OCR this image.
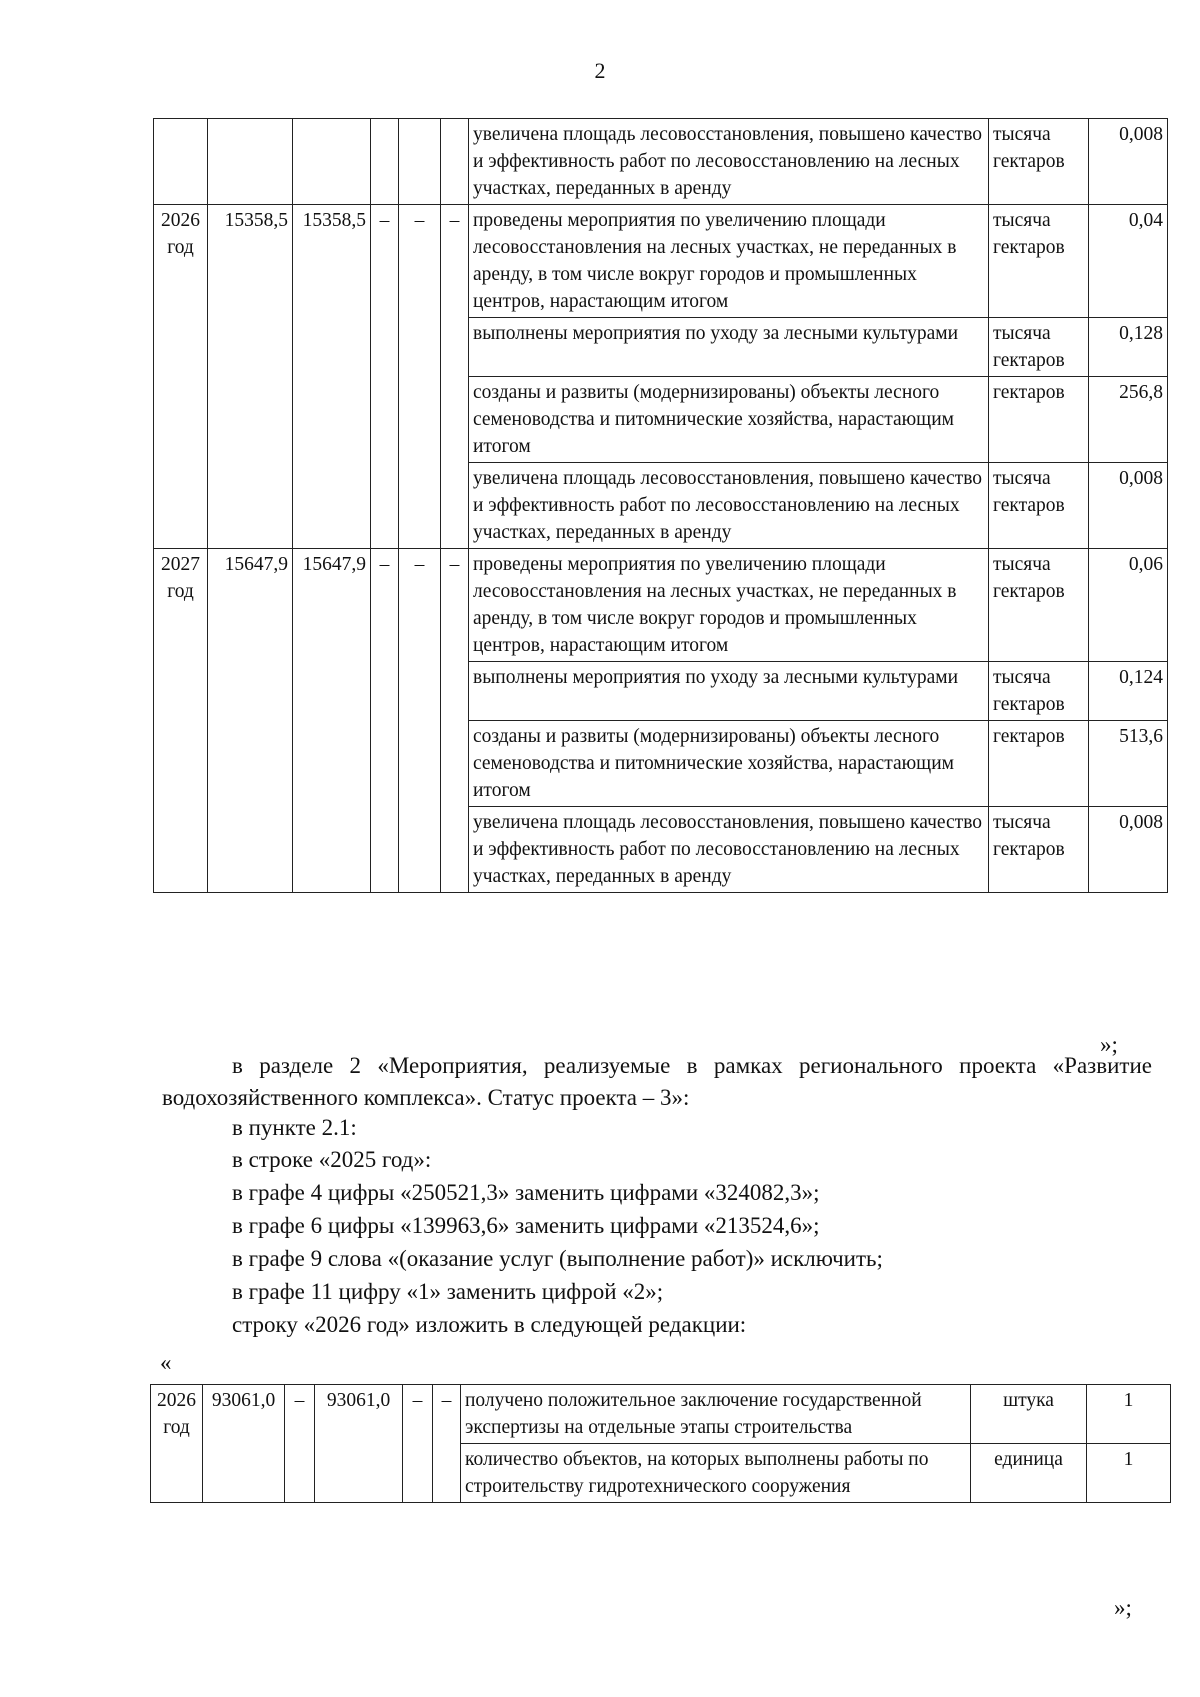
2
						увеличена площадь лесовосстановления, повышено качество и эффективность работ по лесовосстановлению на лесных участках, переданных в аренду	тысяча гектаров	0,008
2026 год	15358,5	15358,5	–	–	–	проведены мероприятия по увеличению площади лесовосстановления на лесных участках, не переданных в аренду, в том числе вокруг городов и промышленных центров, нарастающим итогом	тысяча гектаров	0,04
						выполнены мероприятия по уходу за лесными культурами	тысяча гектаров	0,128
						созданы и развиты (модернизированы) объекты лесного семеноводства и питомнические хозяйства, нарастающим итогом	гектаров	256,8
						увеличена площадь лесовосстановления, повышено качество и эффективность работ по лесовосстановлению на лесных участках, переданных в аренду	тысяча гектаров	0,008
2027 год	15647,9	15647,9	–	–	–	проведены мероприятия по увеличению площади лесовосстановления на лесных участках, не переданных в аренду, в том числе вокруг городов и промышленных центров, нарастающим итогом	тысяча гектаров	0,06
						выполнены мероприятия по уходу за лесными культурами	тысяча гектаров	0,124
						созданы и развиты (модернизированы) объекты лесного семеноводства и питомнические хозяйства, нарастающим итогом	гектаров	513,6
						увеличена площадь лесовосстановления, повышено качество и эффективность работ по лесовосстановлению на лесных участках, переданных в аренду	тысяча гектаров	0,008
»;
в разделе 2 «Мероприятия, реализуемые в рамках регионального проекта «Развитие водохозяйственного комплекса». Статус проекта – 3»:
в пункте 2.1:
в строке «2025 год»:
в графе 4 цифры «250521,3» заменить цифрами «324082,3»;
в графе 6 цифры «139963,6» заменить цифрами «213524,6»;
в графе 9 слова «(оказание услуг (выполнение работ)» исключить;
в графе 11 цифру «1» заменить цифрой «2»;
строку «2026 год» изложить в следующей редакции:
«
2026 год	93061,0	–	93061,0	–	–	получено положительное заключение государственной экспертизы на отдельные этапы строительства	штука	1
						количество объектов, на которых выполнены работы по строительству гидротехнического сооружения	единица	1
»;
